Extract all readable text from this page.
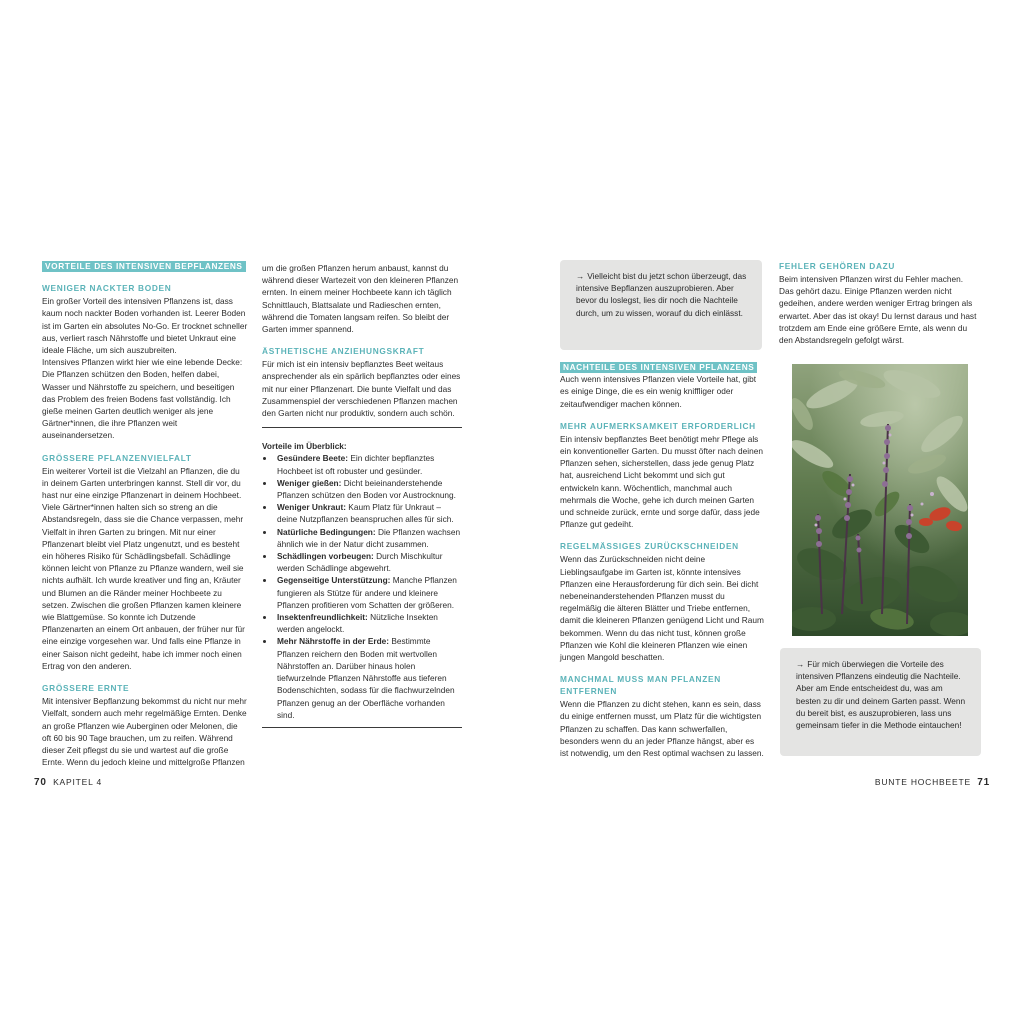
VORTEILE DES INTENSIVEN BEPFLANZENS
WENIGER NACKTER BODEN

Ein großer Vorteil des intensiven Pflanzens ist, dass kaum noch nackter Boden vorhanden ist. Leerer Boden ist im Garten ein absolutes No-Go. Er trocknet schneller aus, verliert rasch Nährstoffe und bietet Unkraut eine ideale Fläche, um sich auszubreiten.

Intensives Pflanzen wirkt hier wie eine lebende Decke: Die Pflanzen schützen den Boden, helfen dabei, Wasser und Nährstoffe zu speichern, und beseitigen das Problem des freien Bodens fast vollständig. Ich gieße meinen Garten deutlich weniger als jene Gärtner*innen, die ihre Pflanzen weit auseinandersetzen.

GRÖSSERE PFLANZENVIELFALT

Ein weiterer Vorteil ist die Vielzahl an Pflanzen, die du in deinem Garten unterbringen kannst. Stell dir vor, du hast nur eine einzige Pflanzenart in deinem Hochbeet. Viele Gärtner*innen halten sich so streng an die Abstandsregeln, dass sie die Chance verpassen, mehr Vielfalt in ihren Garten zu bringen. Mit nur einer Pflanzenart bleibt viel Platz ungenutzt, und es besteht ein höheres Risiko für Schädlingsbefall. Schädlinge können leicht von Pflanze zu Pflanze wandern, weil sie nichts aufhält. Ich wurde kreativer und fing an, Kräuter und Blumen an die Ränder meiner Hochbeete zu setzen. Zwischen die großen Pflanzen kamen kleinere wie Blattgemüse. So konnte ich Dutzende Pflanzenarten an einem Ort anbauen, der früher nur für eine einzige vorgesehen war. Und falls eine Pflanze in einer Saison nicht gedeiht, habe ich immer noch einen Ertrag von den anderen.

GRÖSSERE ERNTE

Mit intensiver Bepflanzung bekommst du nicht nur mehr Vielfalt, sondern auch mehr regelmäßige Ernten. Denke an große Pflanzen wie Auberginen oder Melonen, die oft 60 bis 90 Tage brauchen, um zu reifen. Während dieser Zeit pflegst du sie und wartest auf die große Ernte. Wenn du jedoch kleine und mittelgroße Pflanzen

um die großen Pflanzen herum anbaust, kannst du während dieser Wartezeit von den kleineren Pflanzen ernten. In einem meiner Hochbeete kann ich täglich Schnittlauch, Blattsalate und Radieschen ernten, während die Tomaten langsam reifen. So bleibt der Garten immer spannend.

ÄSTHETISCHE ANZIEHUNGSKRAFT

Für mich ist ein intensiv bepflanztes Beet weitaus ansprechender als ein spärlich bepflanztes oder eines mit nur einer Pflanzenart. Die bunte Vielfalt und das Zusammenspiel der verschiedenen Pflanzen machen den Garten nicht nur produktiv, sondern auch schön.

Vorteile im Überblick:
• Gesündere Beete: Ein dichter bepflanztes Hochbeet ist oft robuster und gesünder.
• Weniger gießen: Dicht beieinanderstehende Pflanzen schützen den Boden vor Austrocknung.
• Weniger Unkraut: Kaum Platz für Unkraut – deine Nutzpflanzen beanspruchen alles für sich.
• Natürliche Bedingungen: Die Pflanzen wachsen ähnlich wie in der Natur dicht zusammen.
• Schädlingen vorbeugen: Durch Mischkultur werden Schädlinge abgewehrt.
• Gegenseitige Unterstützung: Manche Pflanzen fungieren als Stütze für andere und kleinere Pflanzen profitieren vom Schatten der größeren.
• Insektenfreundlichkeit: Nützliche Insekten werden angelockt.
• Mehr Nährstoffe in der Erde: Bestimmte Pflanzen reichern den Boden mit wertvollen Nährstoffen an. Darüber hinaus holen tiefwurzelnde Pflanzen Nährstoffe aus tieferen Bodenschichten, sodass für die flachwurzelnden Pflanzen genug an der Oberfläche vorhanden sind.
70 KAPITEL 4
→ Vielleicht bist du jetzt schon überzeugt, das intensive Bepflanzen auszuprobieren. Aber bevor du loslegst, lies dir noch die Nachteile durch, um zu wissen, worauf du dich einlässt.
NACHTEILE DES INTENSIVEN PFLANZENS

Auch wenn intensives Pflanzen viele Vorteile hat, gibt es einige Dinge, die es ein wenig kniffliger oder zeitaufwendiger machen können.

MEHR AUFMERKSAMKEIT ERFORDERLICH

Ein intensiv bepflanztes Beet benötigt mehr Pflege als ein konventioneller Garten. Du musst öfter nach deinen Pflanzen sehen, sicherstellen, dass jede genug Platz hat, ausreichend Licht bekommt und sich gut entwickeln kann. Wöchentlich, manchmal auch mehrmals die Woche, gehe ich durch meinen Garten und schneide zurück, ernte und sorge dafür, dass jede Pflanze gut gedeiht.

REGELMÄSSIGES ZURÜCKSCHNEIDEN

Wenn das Zurückschneiden nicht deine Lieblingsaufgabe im Garten ist, könnte intensives Pflanzen eine Herausforderung für dich sein. Bei dicht nebeneinanderstehenden Pflanzen musst du regelmäßig die älteren Blätter und Triebe entfernen, damit die kleineren Pflanzen genügend Licht und Raum bekommen. Wenn du das nicht tust, können große Pflanzen wie Kohl die kleineren Pflanzen wie einen jungen Mangold beschatten.

MANCHMAL MUSS MAN PFLANZEN ENTFERNEN

Wenn die Pflanzen zu dicht stehen, kann es sein, dass du einige entfernen musst, um Platz für die wichtigsten Pflanzen zu schaffen. Das kann schwerfallen, besonders wenn du an jeder Pflanze hängst, aber es ist notwendig, um den Rest optimal wachsen zu lassen.

FEHLER GEHÖREN DAZU

Beim intensiven Pflanzen wirst du Fehler machen. Das gehört dazu. Einige Pflanzen werden nicht gedeihen, andere werden weniger Ertrag bringen als erwartet. Aber das ist okay! Du lernst daraus und hast trotzdem am Ende eine größere Ernte, als wenn du den Abstandsregeln gefolgt wärst.

→ Für mich überwiegen die Vorteile des intensiven Pflanzens eindeutig die Nachteile. Aber am Ende entscheidest du, was am besten zu dir und deinem Garten passt. Wenn du bereit bist, es auszuprobieren, lass uns gemeinsam tiefer in die Methode eintauchen!
BUNTE HOCHBEETE 71
